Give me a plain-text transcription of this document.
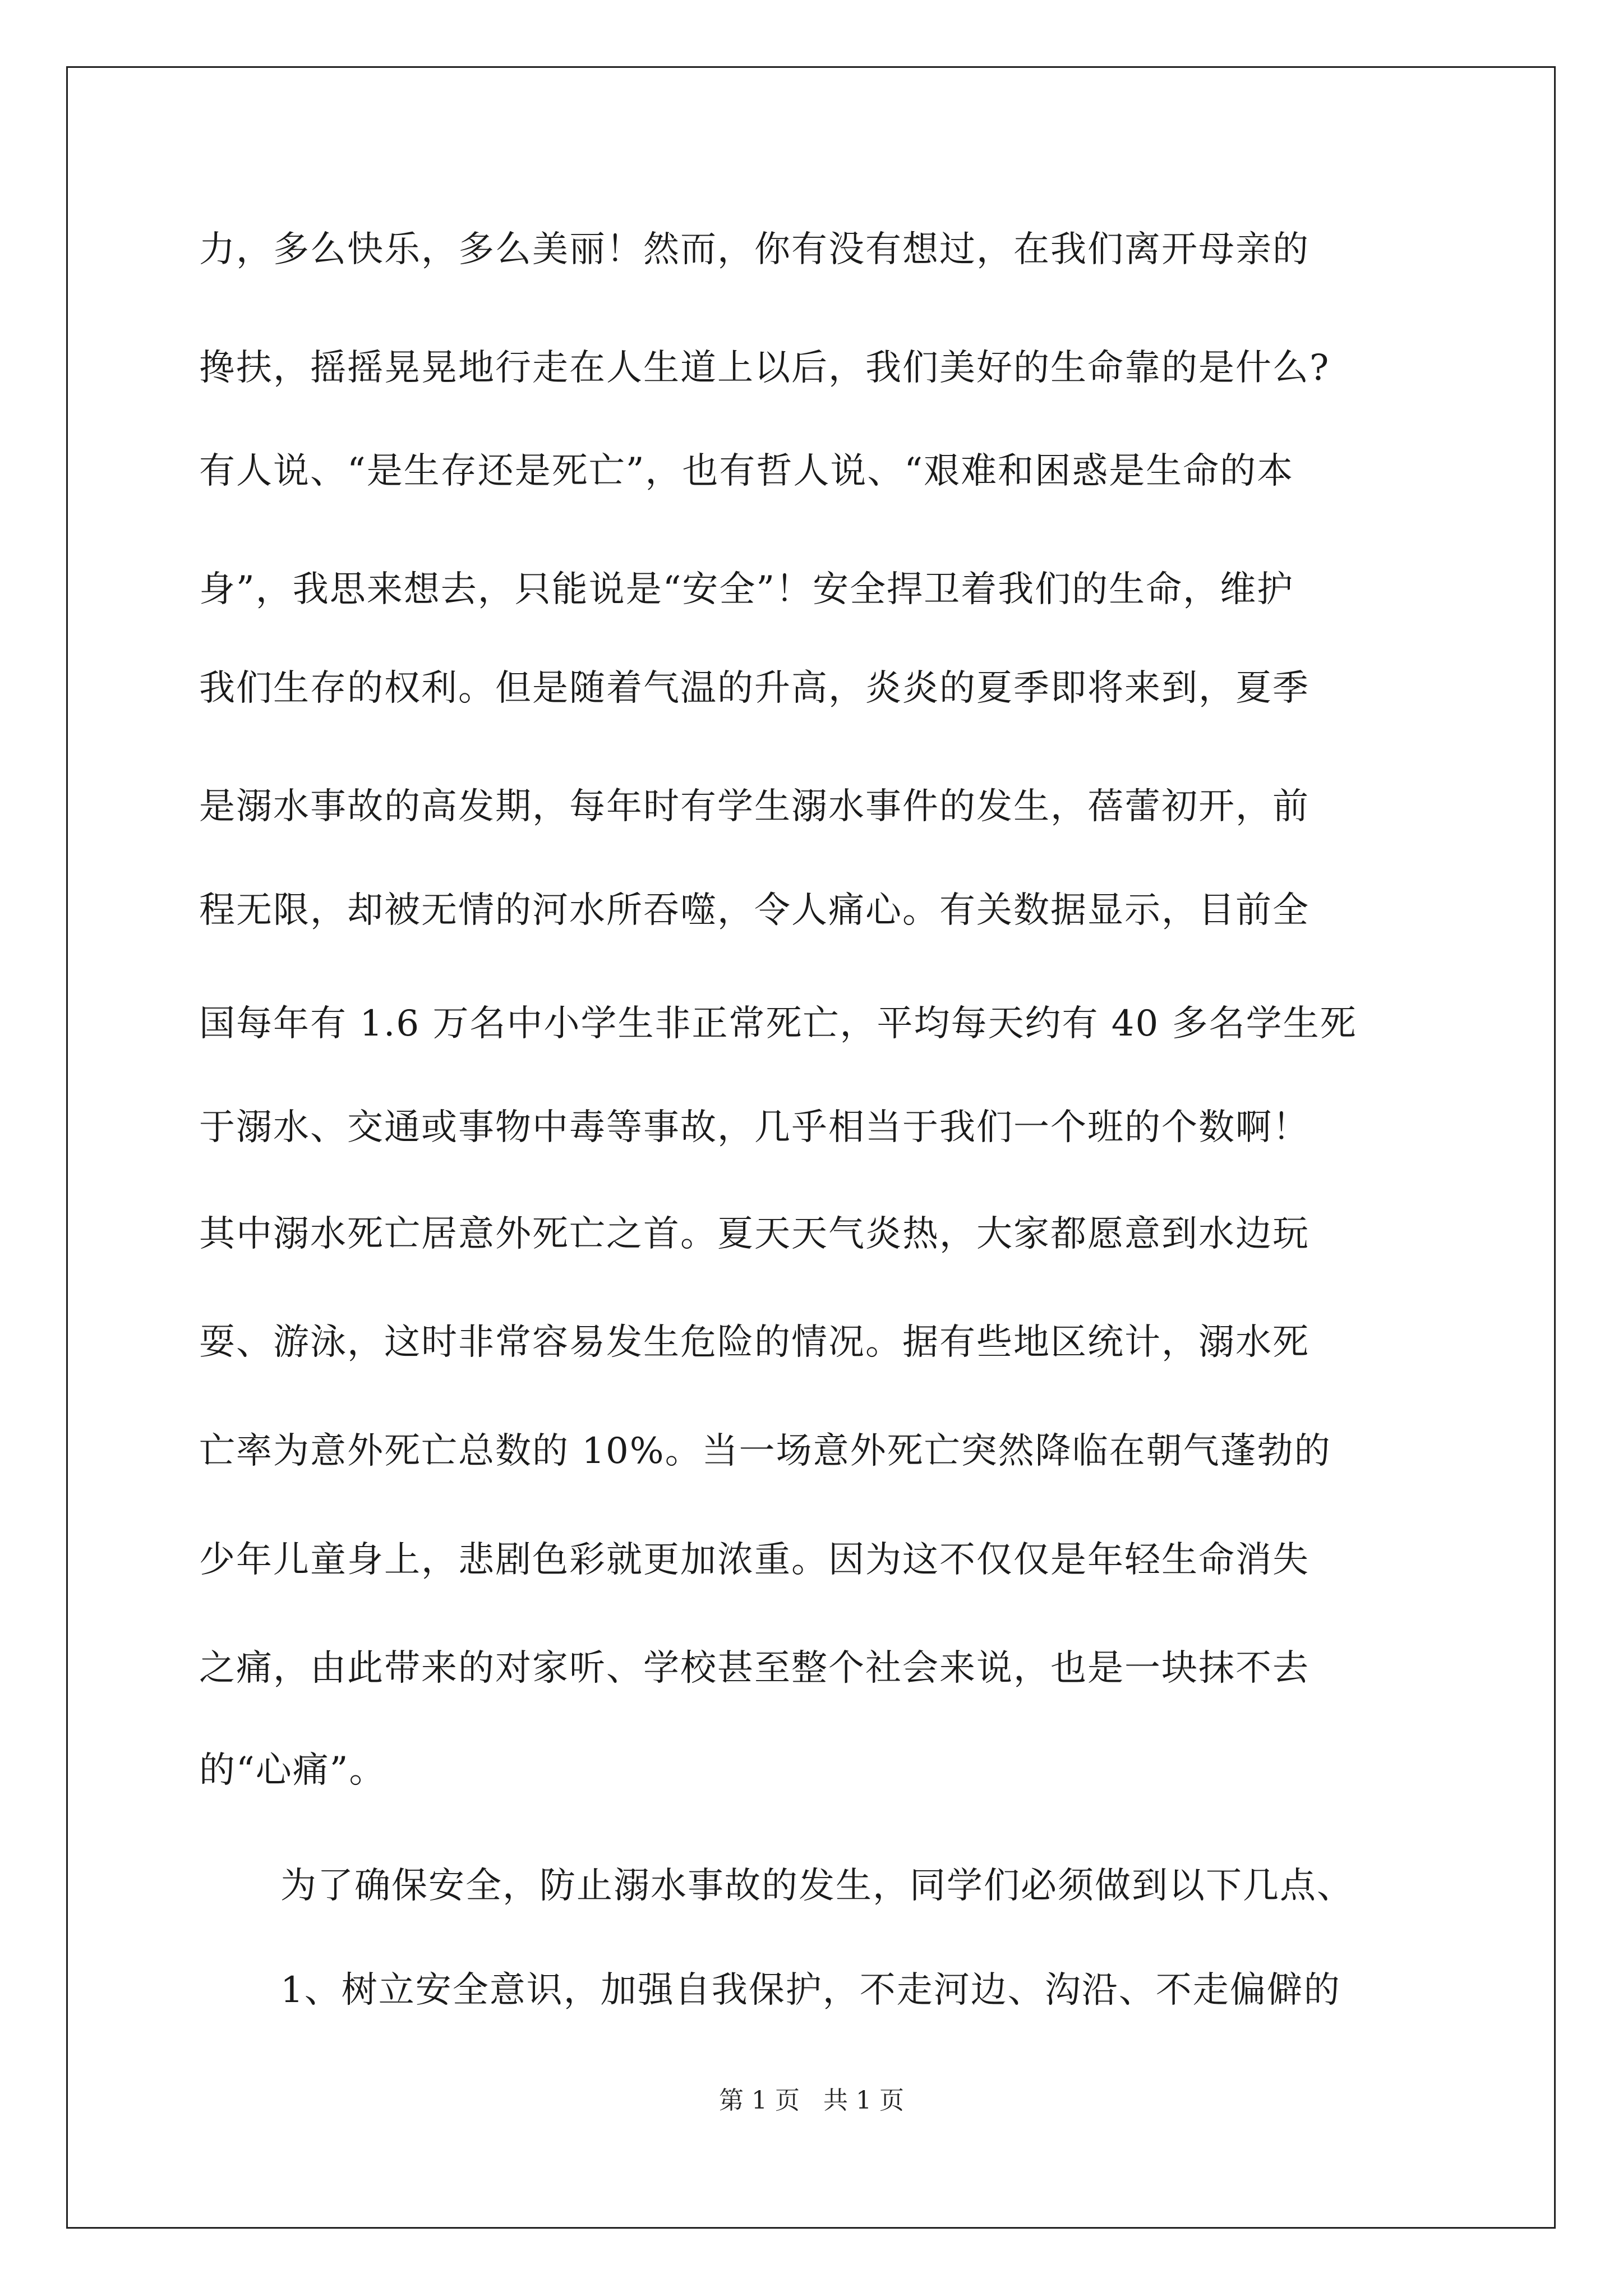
力，多么快乐，多么美丽！然而，你有没有想过，在我们离开母亲的
搀扶，摇摇晃晃地行走在人生道上以后，我们美好的生命靠的是什么?
有人说、“是生存还是死亡”，也有哲人说、“艰难和困惑是生命的本
身”，我思来想去，只能说是“安全”！安全捍卫着我们的生命，维护
我们生存的权利。但是随着气温的升高，炎炎的夏季即将来到，夏季
是溺水事故的高发期，每年时有学生溺水事件的发生，蓓蕾初开，前
程无限，却被无情的河水所吞噬，令人痛心。有关数据显示，目前全
国每年有 1.6 万名中小学生非正常死亡，平均每天约有 40 多名学生死
于溺水、交通或事物中毒等事故，几乎相当于我们一个班的个数啊！
其中溺水死亡居意外死亡之首。夏天天气炎热，大家都愿意到水边玩
耍、游泳，这时非常容易发生危险的情况。据有些地区统计，溺水死
亡率为意外死亡总数的 10%。当一场意外死亡突然降临在朝气蓬勃的
少年儿童身上，悲剧色彩就更加浓重。因为这不仅仅是年轻生命消失
之痛，由此带来的对家听、学校甚至整个社会来说，也是一块抹不去
的“心痛”。
为了确保安全，防止溺水事故的发生，同学们必须做到以下几点、
1、树立安全意识，加强自我保护，不走河边、沟沿、不走偏僻的
第 1 页   共 1 页
